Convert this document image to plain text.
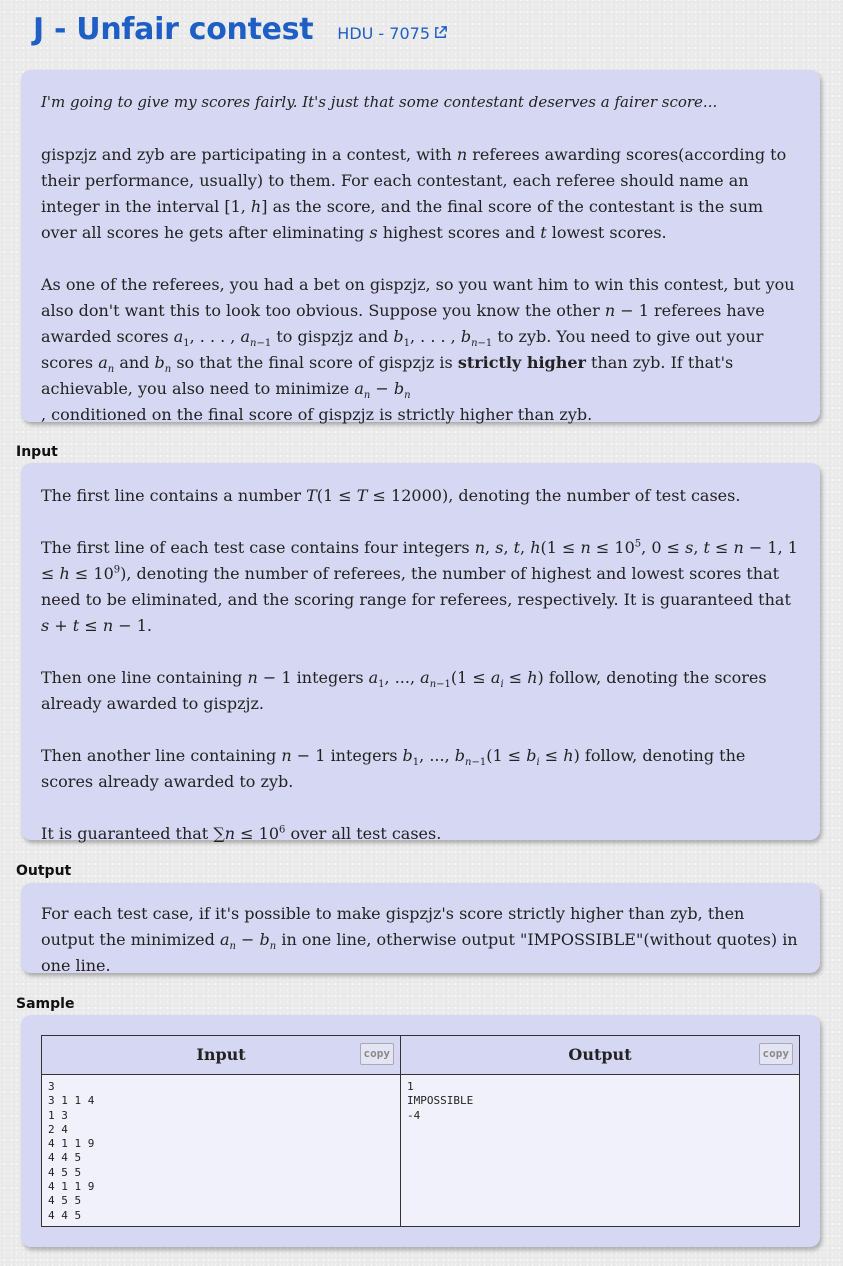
J - Unfair contest HDU - 7075

I'm going to give my scores fairly. It's just that some contestant deserves a fairer score...

gispzjz and zyb are participating in a contest, with n referees awarding scores(according to their performance, usually) to them. For each contestant, each referee should name an integer in the interval [1, h] as the score, and the final score of the contestant is the sum over all scores he gets after eliminating s highest scores and t lowest scores.

As one of the referees, you had a bet on gispzjz, so you want him to win this contest, but you also don't want this to look too obvious. Suppose you know the other n − 1 referees have awarded scores $a_1$, . . . , $a_{n-1}$ to gispzjz and $b_1$, . . . , $b_{n-1}$ to zyb. You need to give out your scores $a_n$ and $b_n$ so that the final score of gispzjz is strictly higher than zyb. If that's achievable, you also need to minimize $a_n - b_n$
, conditioned on the final score of gispzjz is strictly higher than zyb.

Input

The first line contains a number T(1 ≤ T ≤ 12000), denoting the number of test cases.

The first line of each test case contains four integers n, s, t, $h(1 \le n \le 10^5$, 0 ≤ s, t ≤ n − 1, $1 \le h \le 10^9$), denoting the number of referees, the number of highest and lowest scores that need to be eliminated, and the scoring range for referees, respectively. It is guaranteed that s + t ≤ n − 1.

Then one line containing n − 1 integers $a_1$, ..., $a_{n-1}(1 \le a_i \le h)$ follow, denoting the scores already awarded to gispzjz.

Then another line containing n − 1 integers $b_1$, ..., $b_{n-1}(1 \le b_i \le h)$ follow, denoting the scores already awarded to zyb.

It is guaranteed that $\sum n \le 10^6$ over all test cases.

Output

For each test case, if it's possible to make gispzjz's score strictly higher than zyb, then output the minimized $a_n - b_n$ in one line, otherwise output "IMPOSSIBLE"(without quotes) in one line.

Sample
Input	copy
3
3 1 1 4
1 3
2 4
4 1 1 9
4 4 5
4 5 5
4 1 1 9
4 5 5
4 4 5
Output	copy
1
IMPOSSIBLE
-4
